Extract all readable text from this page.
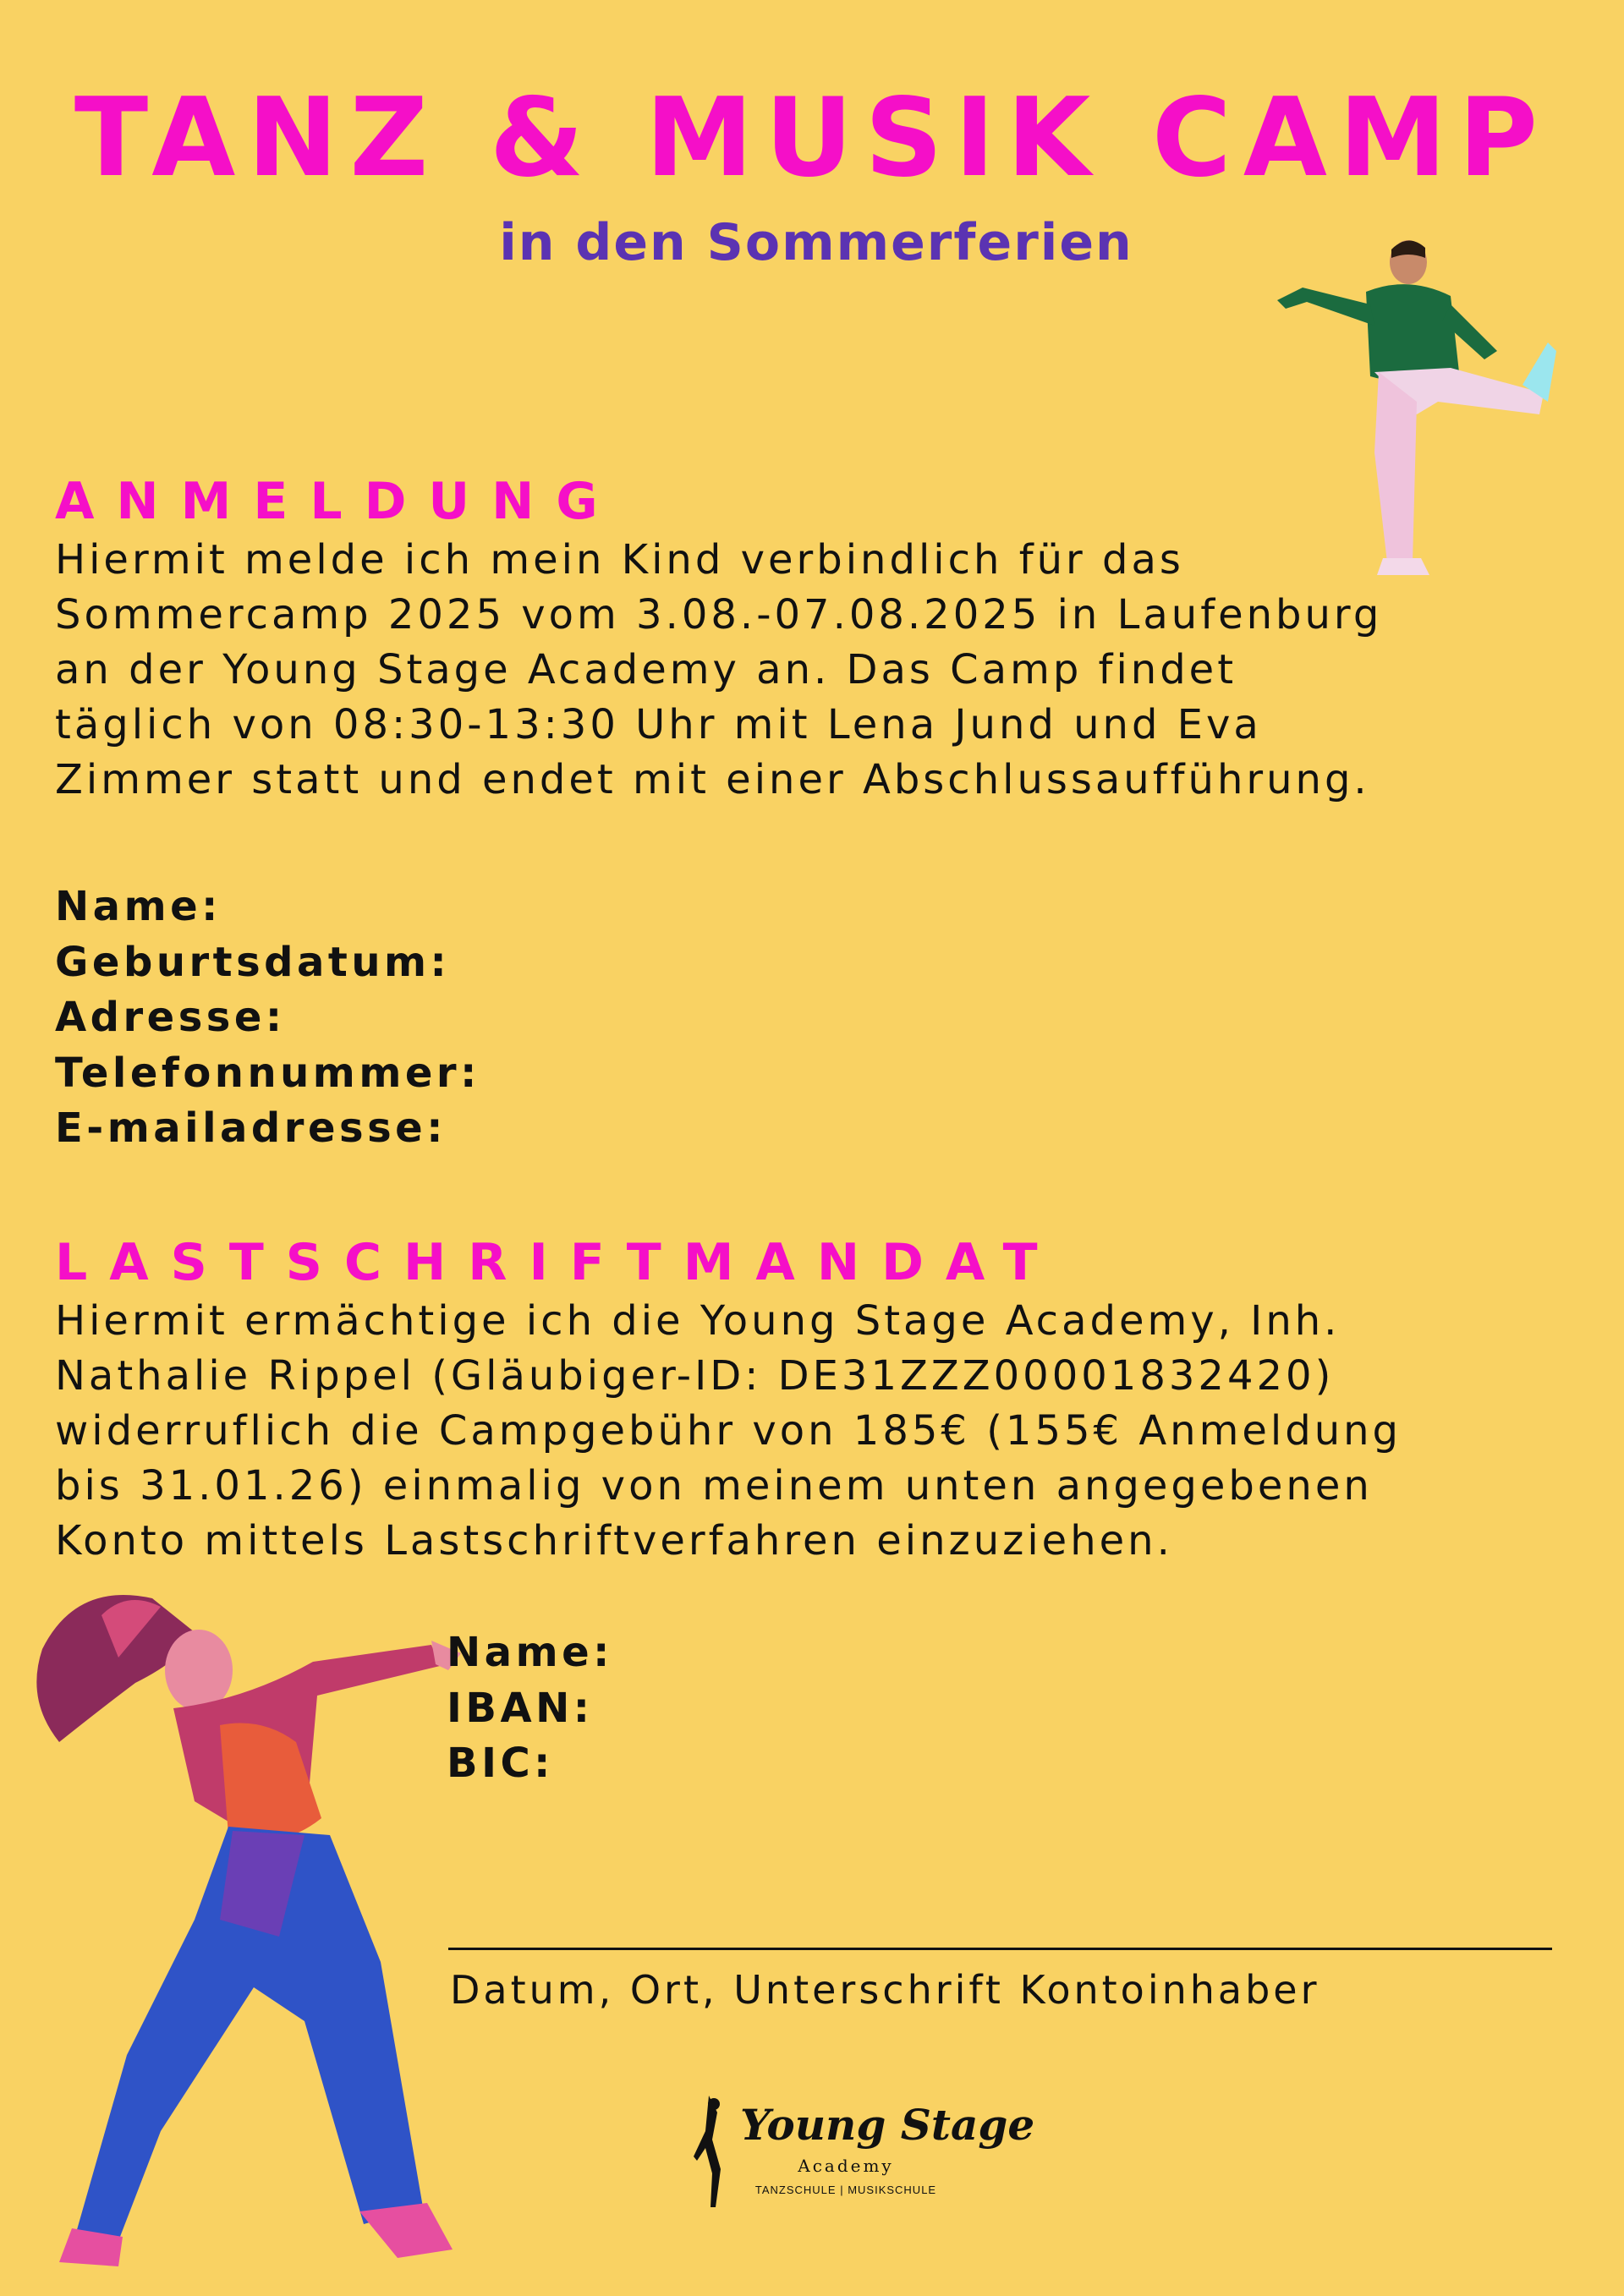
TANZ & MUSIK CAMP
in den Sommerferien
ANMELDUNG

Hiermit melde ich mein Kind verbindlich für das
Sommercamp 2025 vom 3.08.-07.08.2025 in Laufenburg
an der Young Stage Academy an. Das Camp findet
täglich von 08:30-13:30 Uhr mit Lena Jund und Eva
Zimmer statt und endet mit einer Abschlussaufführung.

Name:
Geburtsdatum:
Adresse:
Telefonnummer:
E-mailadresse:
LASTSCHRIFTMANDAT

Hiermit ermächtige ich die Young Stage Academy, Inh.
Nathalie Rippel (Gläubiger-ID: DE31ZZZ00001832420)
widerruflich die Campgebühr von 185€ (155€ Anmeldung
bis 31.01.26) einmalig von meinem unten angegebenen
Konto mittels Lastschriftverfahren einzuziehen.

Name:
IBAN:
BIC:
Datum, Ort, Unterschrift Kontoinhaber
Young Stage
Academy
TANZSCHULE | MUSIKSCHULE
